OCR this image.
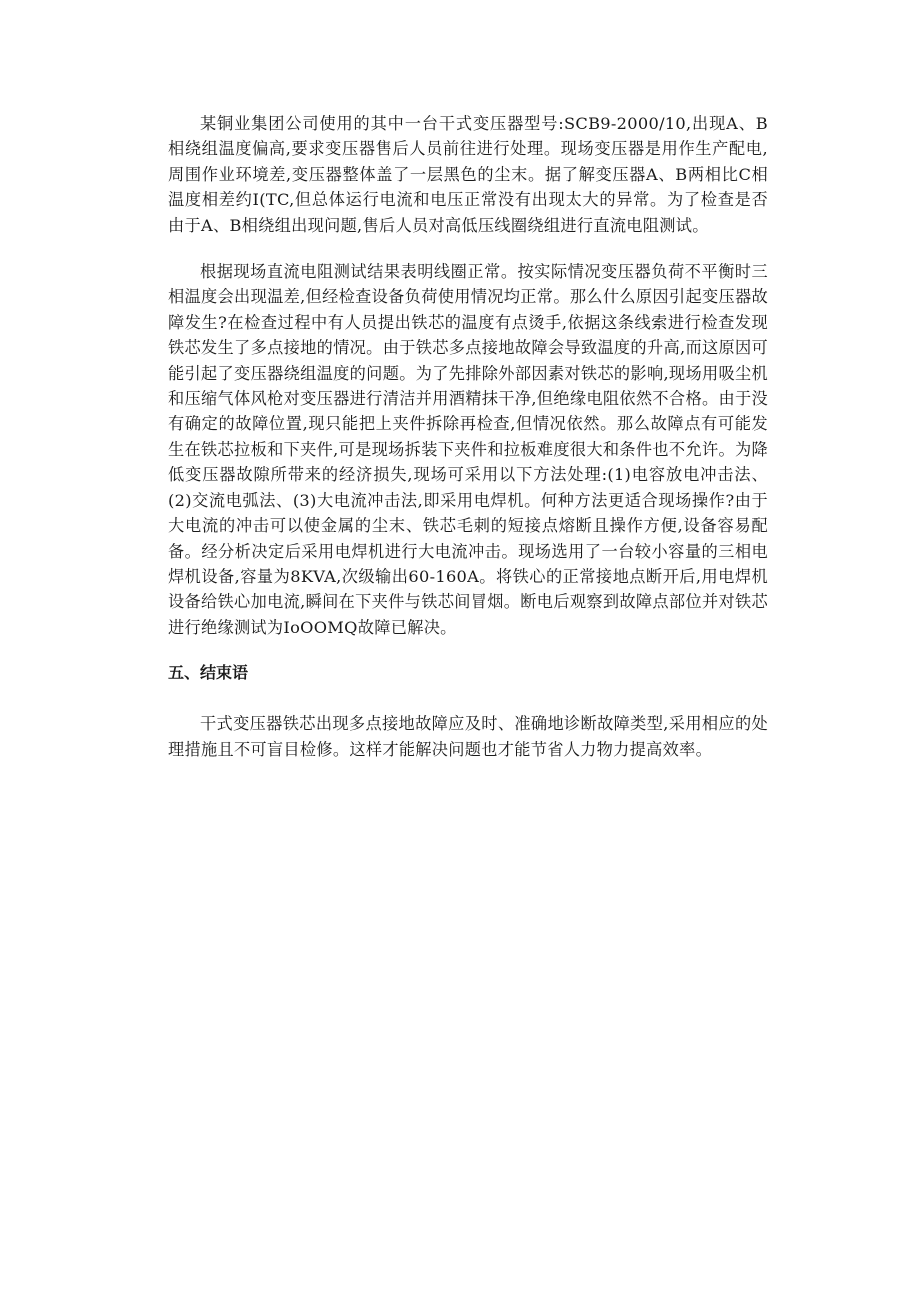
某铜业集团公司使用的其中一台干式变压器型号:SCB9-2000/10,出现A、B相绕组温度偏高,要求变压器售后人员前往进行处理。现场变压器是用作生产配电,周围作业环境差,变压器整体盖了一层黑色的尘末。据了解变压器A、B两相比C相温度相差约I(TC,但总体运行电流和电压正常没有出现太大的异常。为了检查是否由于A、B相绕组出现问题,售后人员对高低压线圈绕组进行直流电阻测试。

根据现场直流电阻测试结果表明线圈正常。按实际情况变压器负荷不平衡时三相温度会出现温差,但经检查设备负荷使用情况均正常。那么什么原因引起变压器故障发生?在检查过程中有人员提出铁芯的温度有点烫手,依据这条线索进行检查发现铁芯发生了多点接地的情况。由于铁芯多点接地故障会导致温度的升高,而这原因可能引起了变压器绕组温度的问题。为了先排除外部因素对铁芯的影响,现场用吸尘机和压缩气体风枪对变压器进行清洁并用酒精抹干净,但绝缘电阻依然不合格。由于没有确定的故障位置,现只能把上夹件拆除再检查,但情况依然。那么故障点有可能发生在铁芯拉板和下夹件,可是现场拆装下夹件和拉板难度很大和条件也不允许。为降低变压器故隙所带来的经济损失,现场可采用以下方法处理:(1)电容放电冲击法、(2)交流电弧法、(3)大电流冲击法,即采用电焊机。何种方法更适合现场操作?由于大电流的冲击可以使金属的尘末、铁芯毛刺的短接点熔断且操作方便,设备容易配备。经分析决定后采用电焊机进行大电流冲击。现场选用了一台较小容量的三相电焊机设备,容量为8KVA,次级输出60-160A。将铁心的正常接地点断开后,用电焊机设备给铁心加电流,瞬间在下夹件与铁芯间冒烟。断电后观察到故障点部位并对铁芯进行绝缘测试为IoOOMQ故障已解决。

五、结束语

干式变压器铁芯出现多点接地故障应及时、准确地诊断故障类型,采用相应的处理措施且不可盲目检修。这样才能解决问题也才能节省人力物力提高效率。
